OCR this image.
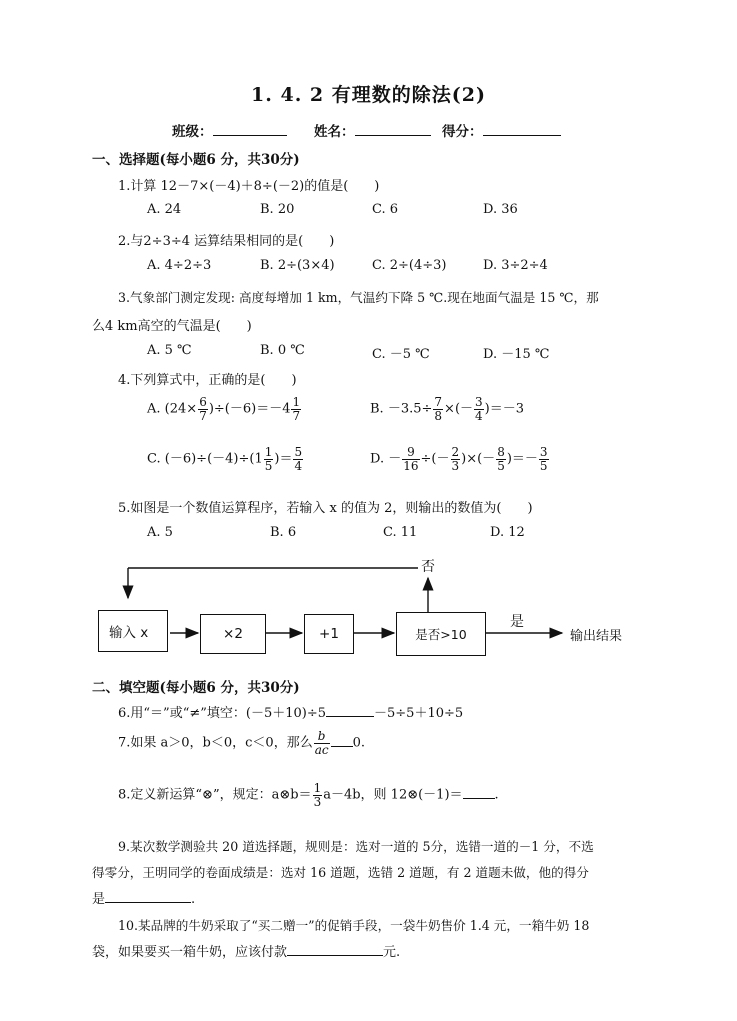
1. 4. 2 有理数的除法(2)
班级：	姓名：	得分：
一、选择题(每小题6 分，共30分)
1.计算 12－7×(－4)＋8÷(－2)的值是(　　)
A. 24	B. 20	C. 6	D. 36
2.与2÷3÷4 运算结果相同的是(　　)
A. 4÷2÷3	B. 2÷(3×4)	C. 2÷(4÷3)	D. 3÷2÷4
3.气象部门测定发现: 高度每增加 1 km，气温约下降 5 ℃.现在地面气温是 15 ℃，那
么4 km高空的气温是(　　)
A. 5 ℃	B. 0 ℃	C. －5 ℃	D. －15 ℃
4.下列算式中，正确的是(　　)
A. $(24\times \frac{6}{7} )\div(-6)=-4 \frac{1}{7}$	B. $-3.5\div \frac{7}{8}$ ×(－ $\frac{3}{4} )=-3$
C. $(-6)\div(-4)\div(1 \frac{1}{5}$ )＝ $\frac{5}{4}$	D. － $\frac{9}{16}$ ÷(－ $\frac{2}{3}$ )×(－ $\frac{8}{5}$ )＝－ $\frac{3}{5}$
5.如图是一个数值运算程序，若输入 x 的值为 2，则输出的数值为(　　)
A. 5	B. 6	C. 11	D. 12
输入 x	×2	+1	是否>10
否
是
输出结果
二、填空题(每小题6 分，共30分)
6.用“＝”或“≠”填空：(－5＋10)÷5	－5÷5＋10÷5
7.如果 a＞0，b＜0，c＜0，那么 $\frac{b}{ac} 0$.
8.定义新运算“⊗”，规定：a⊗b＝ $\frac{1}{3} a-4b$，则 12⊗(－1)＝ .
9.某次数学测验共 20 道选择题，规则是：选对一道的 5分，选错一道的－1 分，不选
得零分，王明同学的卷面成绩是：选对 16 道题，选错 2 道题，有 2 道题未做，他的得分
是	.
10.某品牌的牛奶采取了“买二赠一”的促销手段，一袋牛奶售价 1.4 元，一箱牛奶 18
袋，如果要买一箱牛奶，应该付款	元.
